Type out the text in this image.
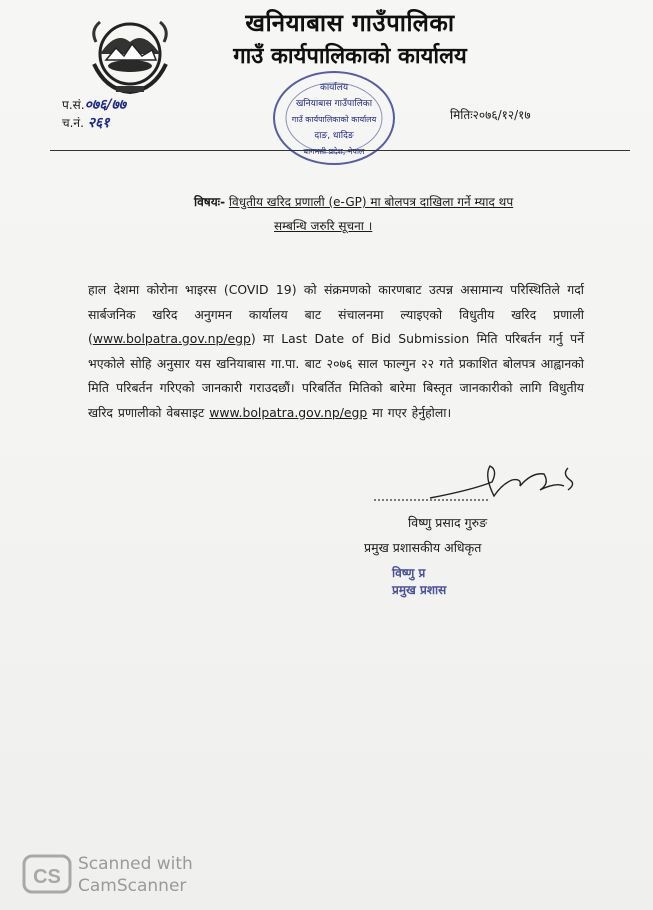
खनियाबास गाउँपालिका
गाउँ कार्यपालिकाको कार्यालय
कार्यालय
खनियाबास गाउँपालिका
गाउँ कार्यपालिकाको कार्यालय
दाङ, धादिङ
बागमती प्रदेश, नेपाल
प.सं.०७६/७७
च.नं. २६१	मितिः२०७६/१२/१७
विषयः- विधुतीय खरिद प्रणाली (e-GP) मा बोलपत्र दाखिला गर्ने म्याद थप
सम्बन्धि जरुरि सूचना ।
हाल देशमा कोरोना भाइरस (COVID 19) को संक्रमणको कारणबाट उत्पन्न असामान्य परिस्थितिले गर्दा सार्बजनिक खरिद अनुगमन कार्यालय बाट संचालनमा ल्याइएको विधुतीय खरिद प्रणाली (www.bolpatra.gov.np/egp) मा Last Date of Bid Submission मिति परिबर्तन गर्नु पर्ने भएकोले सोहि अनुसार यस खनियाबास गा.पा. बाट २०७६ साल फाल्गुन २२ गते प्रकाशित बोलपत्र आह्वानको मिति परिबर्तन गरिएको जानकारी गराउदछौं। परिबर्तित मितिको बारेमा बिस्तृत जानकारीको लागि विधुतीय खरिद प्रणालीको वेबसाइट www.bolpatra.gov.np/egp मा गएर हेर्नुहोला।
विष्णु प्रसाद गुरुङ
प्रमुख प्रशासकीय अधिकृत
विष्णु प्र
प्रमुख प्रशास
CS
Scanned with
CamScanner
